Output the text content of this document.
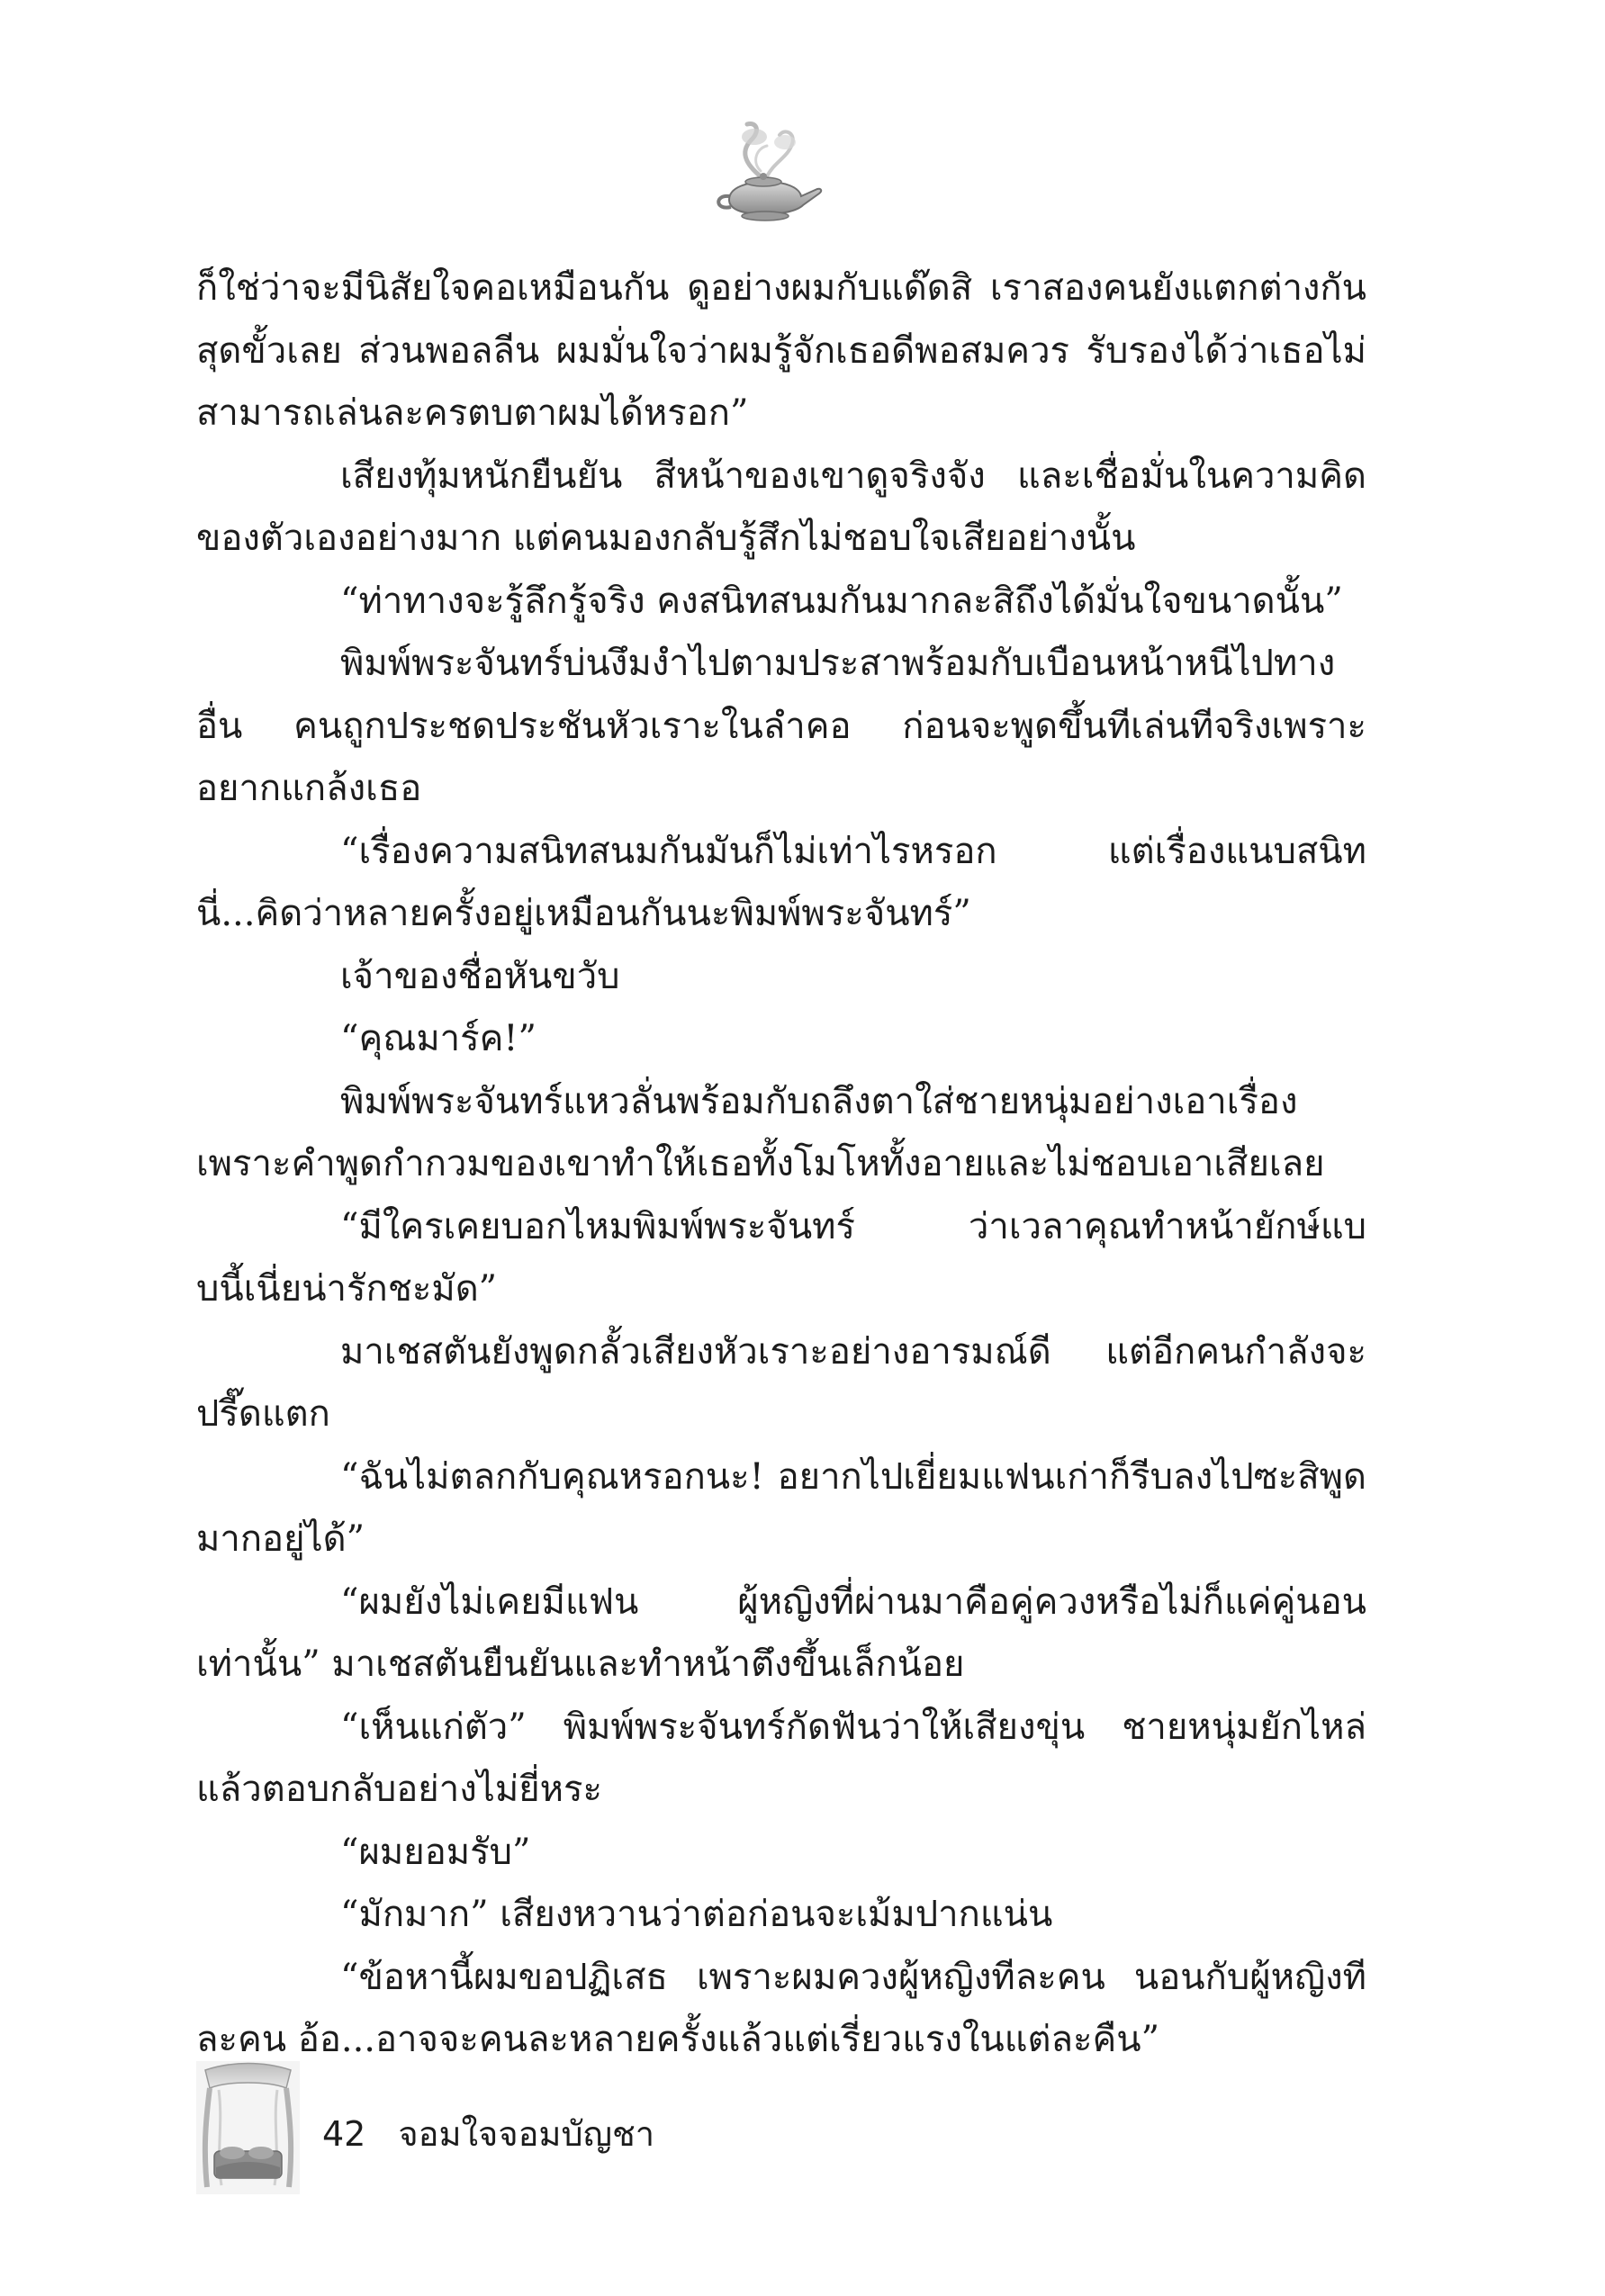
ก็ใช่ว่าจะมีนิสัยใจคอเหมือนกัน ดูอย่างผมกับแด๊ดสิ เราสองคนยังแตกต่างกันสุดขั้วเลย ส่วนพอลลีน ผมมั่นใจว่าผมรู้จักเธอดีพอสมควร รับรองได้ว่าเธอไม่สามารถเล่นละครตบตาผมได้หรอก”

เสียงทุ้มหนักยืนยัน สีหน้าของเขาดูจริงจัง และเชื่อมั่นในความคิดของตัวเองอย่างมาก แต่คนมองกลับรู้สึกไม่ชอบใจเสียอย่างนั้น

“ท่าทางจะรู้ลึกรู้จริง คงสนิทสนมกันมากละสิถึงได้มั่นใจขนาดนั้น”

พิมพ์พระจันทร์บ่นงึมงำไปตามประสาพร้อมกับเบือนหน้าหนีไปทางอื่น คนถูกประชดประชันหัวเราะในลำคอ ก่อนจะพูดขึ้นทีเล่นทีจริงเพราะอยากแกล้งเธอ

“เรื่องความสนิทสนมกันมันก็ไม่เท่าไรหรอก แต่เรื่องแนบสนิทนี่...คิดว่าหลายครั้งอยู่เหมือนกันนะพิมพ์พระจันทร์”

เจ้าของชื่อหันขวับ

“คุณมาร์ค!”

พิมพ์พระจันทร์แหวลั่นพร้อมกับถลึงตาใส่ชายหนุ่มอย่างเอาเรื่องเพราะคำพูดกำกวมของเขาทำให้เธอทั้งโมโหทั้งอายและไม่ชอบเอาเสียเลย

“มีใครเคยบอกไหมพิมพ์พระจันทร์ ว่าเวลาคุณทำหน้ายักษ์แบบนี้เนี่ยน่ารักชะมัด”

มาเชสตันยังพูดกลั้วเสียงหัวเราะอย่างอารมณ์ดี แต่อีกคนกำลังจะปรี๊ดแตก

“ฉันไม่ตลกกับคุณหรอกนะ! อยากไปเยี่ยมแฟนเก่าก็รีบลงไปซะสิพูดมากอยู่ได้”

“ผมยังไม่เคยมีแฟน ผู้หญิงที่ผ่านมาคือคู่ควงหรือไม่ก็แค่คู่นอนเท่านั้น” มาเชสตันยืนยันและทำหน้าตึงขึ้นเล็กน้อย

“เห็นแก่ตัว” พิมพ์พระจันทร์กัดฟันว่าให้เสียงขุ่น ชายหนุ่มยักไหล่แล้วตอบกลับอย่างไม่ยี่หระ

“ผมยอมรับ”

“มักมาก” เสียงหวานว่าต่อก่อนจะเม้มปากแน่น

“ข้อหานี้ผมขอปฏิเสธ เพราะผมควงผู้หญิงทีละคน นอนกับผู้หญิงทีละคน อ้อ...อาจจะคนละหลายครั้งแล้วแต่เรี่ยวแรงในแต่ละคืน”

42 จอมใจจอมบัญชา
